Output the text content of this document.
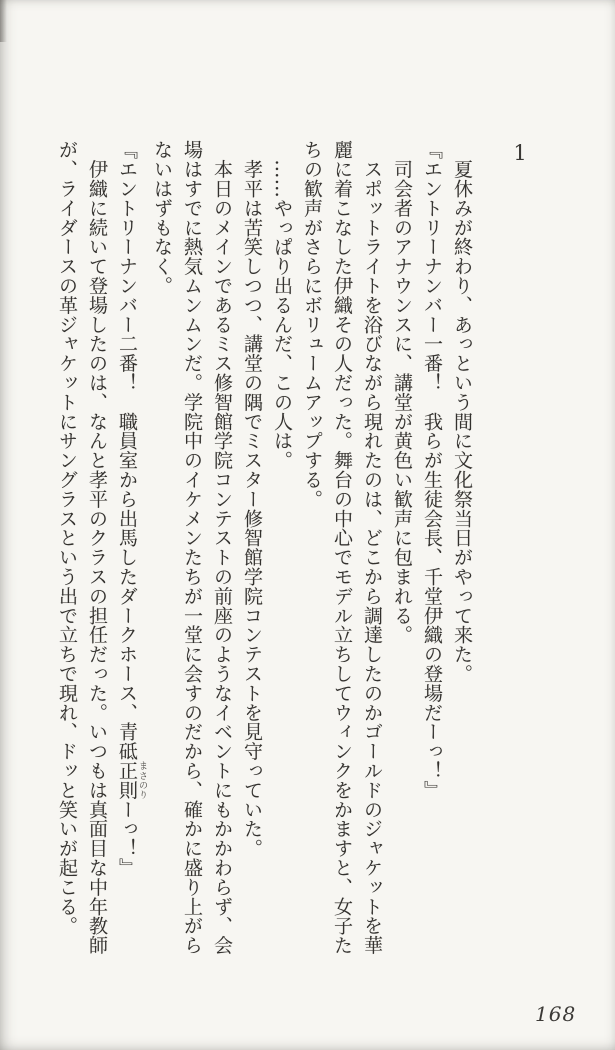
1
　夏休みが終わり、あっという間に文化祭当日がやって来た。
『エントリーナンバー一番！　我らが生徒会長、千堂伊織の登場だーっ！』
　司会者のアナウンスに、講堂が黄色い歓声に包まれる。
　スポットライトを浴びながら現れたのは、どこから調達したのかゴールドのジャケットを華
麗に着こなした伊織その人だった。舞台の中心でモデル立ちしてウィンクをかますと、女子た
ちの歓声がさらにボリュームアップする。
　……やっぱり出るんだ、この人は。
　孝平は苦笑しつつ、講堂の隅でミスター修智館学院コンテストを見守っていた。
　本日のメインであるミス修智館学院コンテストの前座のようなイベントにもかかわらず、会
場はすでに熱気ムンムンだ。学院中のイケメンたちが一堂に会すのだから、確かに盛り上がら
ないはずもなく。
『エントリーナンバー二番！　職員室から出馬したダークホース、青砥正則 まさのりーっ！』
　伊織に続いて登場したのは、なんと孝平のクラスの担任だった。いつもは真面目な中年教師
が、ライダースの革ジャケットにサングラスという出で立ちで現れ、ドッと笑いが起こる。
168
